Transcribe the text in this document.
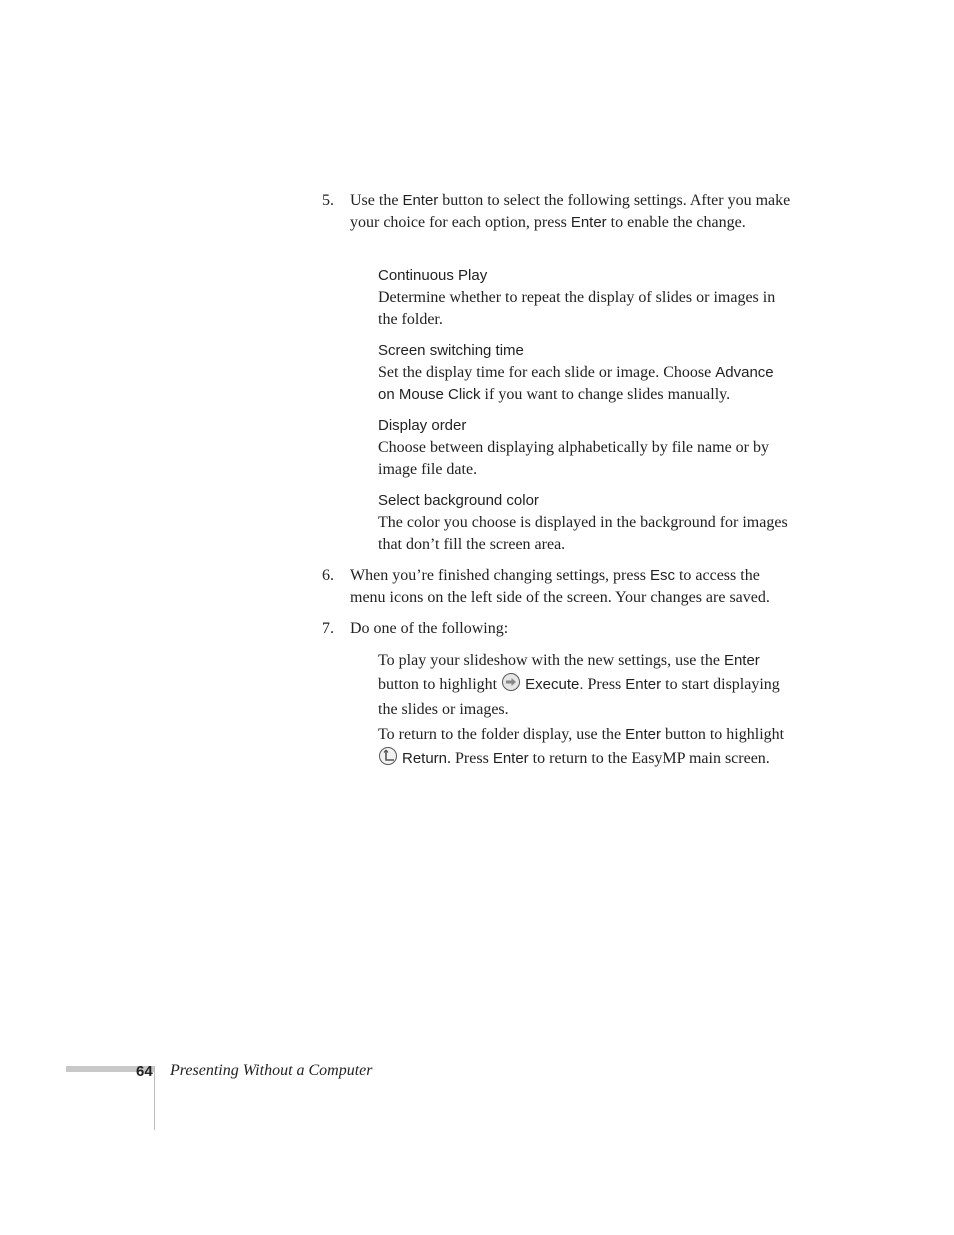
5. Use the Enter button to select the following settings. After you make your choice for each option, press Enter to enable the change.
Continuous Play
Determine whether to repeat the display of slides or images in the folder.
Screen switching time
Set the display time for each slide or image. Choose Advance on Mouse Click if you want to change slides manually.
Display order
Choose between displaying alphabetically by file name or by image file date.
Select background color
The color you choose is displayed in the background for images that don’t fill the screen area.
6. When you’re finished changing settings, press Esc to access the menu icons on the left side of the screen. Your changes are saved.
7. Do one of the following:
To play your slideshow with the new settings, use the Enter button to highlight  Execute. Press Enter to start displaying the slides or images.
To return to the folder display, use the Enter button to highlight  Return. Press Enter to return to the EasyMP main screen.
64 Presenting Without a Computer
